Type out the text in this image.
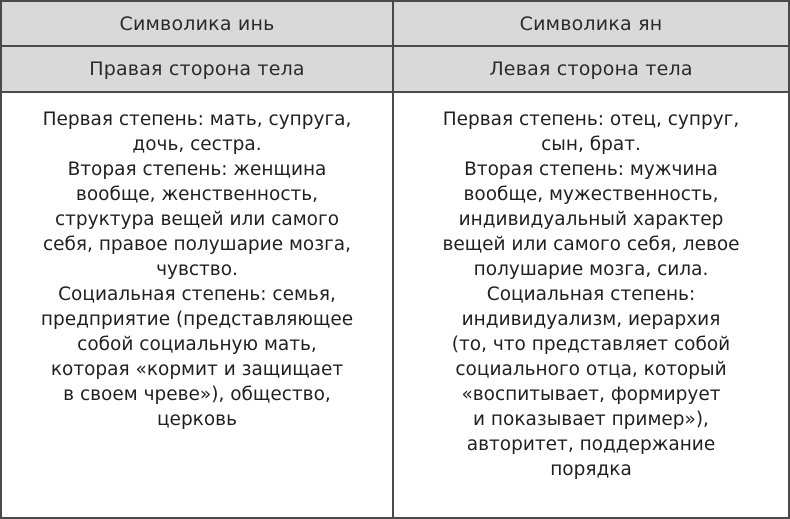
Символика инь	Символика ян
Правая сторона тела	Левая сторона тела
Первая степень: мать, супруга,
дочь, сестра.
Вторая степень: женщина
вообще, женственность,
структура вещей или самого
себя, правое полушарие мозга,
чувство.
Социальная степень: семья,
предприятие (представляющее
собой социальную мать,
которая «кормит и защищает
в своем чреве»), общество,
церковь
Первая степень: отец, супруг,
сын, брат.
Вторая степень: мужчина
вообще, мужественность,
индивидуальный характер
вещей или самого себя, левое
полушарие мозга, сила.
Социальная степень:
индивидуализм, иерархия
(то, что представляет собой
социального отца, который
«воспитывает, формирует
и показывает пример»),
авторитет, поддержание
порядка
